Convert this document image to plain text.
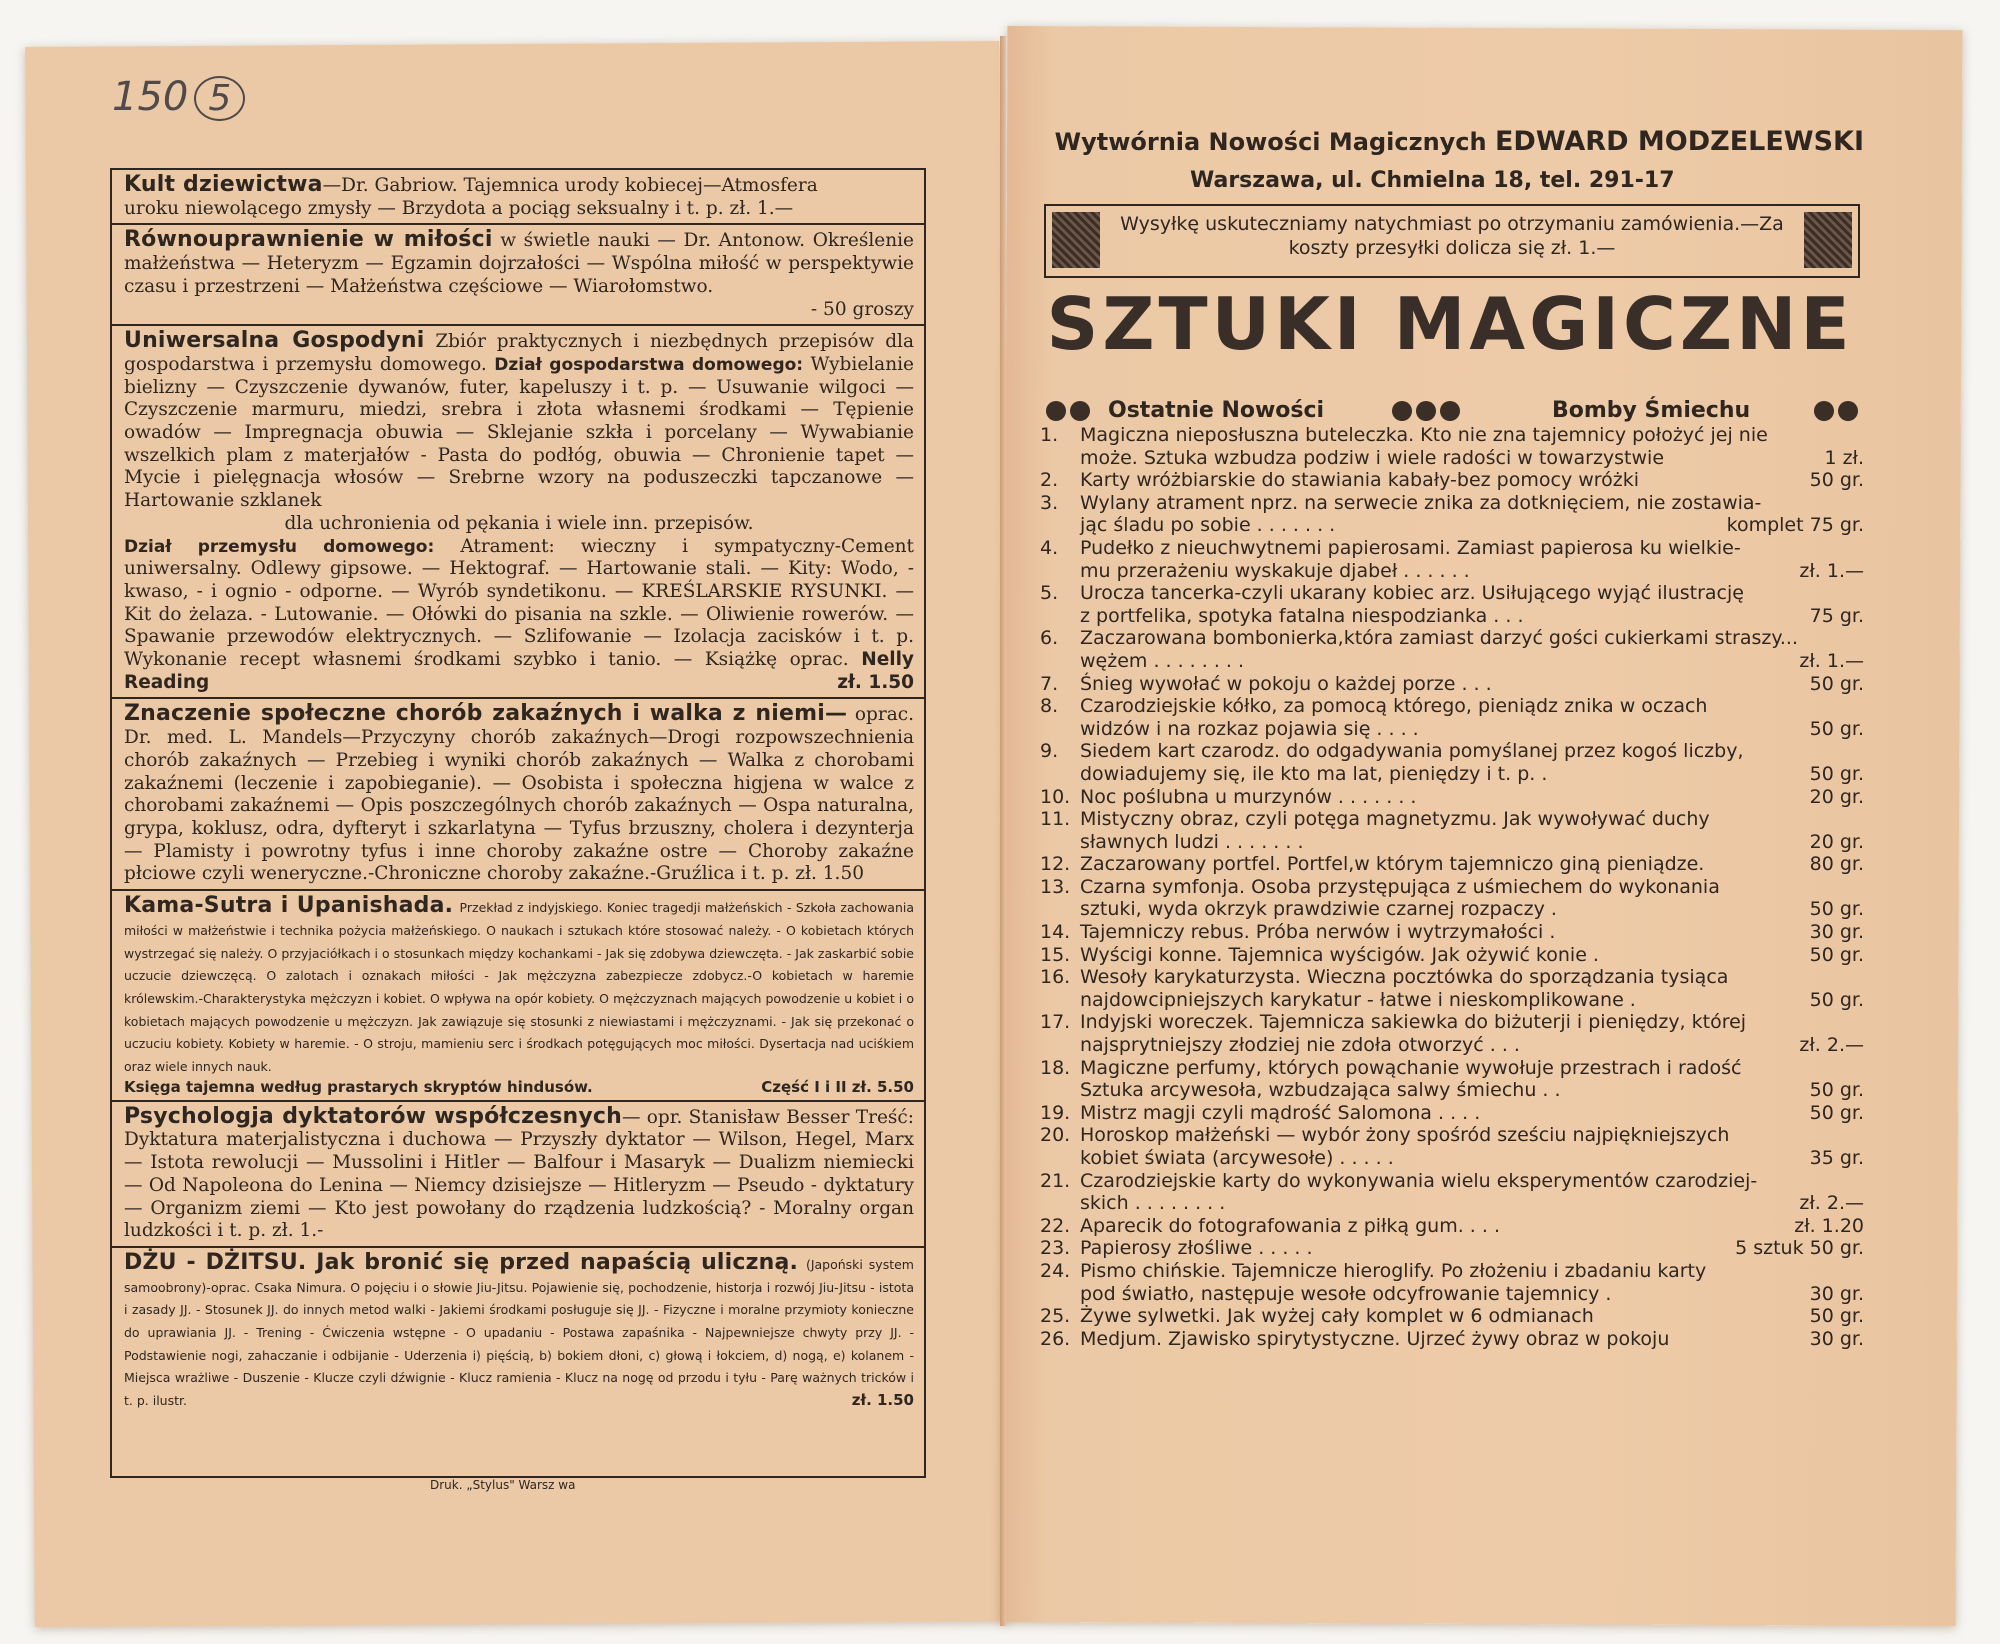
150 5
Kult dziewictwa—Dr. Gabriow. Tajemnica urody kobiecej—Atmosfera
uroku niewolącego zmysły — Brzydota a pociąg seksualny i t. p. zł. 1.—
Równouprawnienie w miłości w świetle nauki — Dr. Antonow. Określenie małżeństwa — Heteryzm — Egzamin dojrzałości — Wspólna miłość w perspektywie czasu i przestrzeni — Małżeństwa częściowe — Wiarołomstwo.
- 50 groszy
Uniwersalna Gospodyni Zbiór praktycznych i niezbędnych przepisów dla gospodarstwa i przemysłu domowego. Dział gospodarstwa domowego: Wybielanie bielizny — Czyszczenie dywanów, futer, kapeluszy i t. p. — Usuwanie wilgoci — Czyszczenie marmuru, miedzi, srebra i złota własnemi środkami — Tępienie owadów — Impregnacja obuwia — Sklejanie szkła i porcelany — Wywabianie wszelkich plam z materjałów - Pasta do podłóg, obuwia — Chronienie tapet — Mycie i pielęgnacja włosów — Srebrne wzory na poduszeczki tapczanowe — Hartowanie szklanek
dla uchronienia od pękania i wiele inn. przepisów.
Dział przemysłu domowego: Atrament: wieczny i sympatyczny-Cement uniwersalny. Odlewy gipsowe. — Hektograf. — Hartowanie stali. — Kity: Wodo, - kwaso, - i ognio - odporne. — Wyrób syndetikonu. — KREŚLARSKIE RYSUNKI. — Kit do żelaza. - Lutowanie. — Ołówki do pisania na szkle. — Oliwienie rowerów. — Spawanie przewodów elektrycznych. — Szlifowanie — Izolacja zacisków i t. p. Wykonanie recept własnemi środkami szybko i tanio. — Książkę oprac. Nelly Reading	zł. 1.50
Znaczenie społeczne chorób zakaźnych i walka z niemi— oprac. Dr. med. L. Mandels—Przyczyny chorób zakaźnych—Drogi rozpowszechnienia chorób zakaźnych — Przebieg i wyniki chorób zakaźnych — Walka z chorobami zakaźnemi (leczenie i zapobieganie). — Osobista i społeczna higjena w walce z chorobami zakaźnemi — Opis poszczególnych chorób zakaźnych — Ospa naturalna, grypa, koklusz, odra, dyfteryt i szkarlatyna — Tyfus brzuszny, cholera i dezynterja — Plamisty i powrotny tyfus i inne choroby zakaźne ostre — Choroby zakaźne płciowe czyli weneryczne.-Chroniczne choroby zakaźne.-Gruźlica i t. p. zł. 1.50
Kama-Sutra i Upanishada. Przekład z indyjskiego. Koniec tragedji małżeńskich - Szkoła zachowania miłości w małżeństwie i technika pożycia małżeńskiego. O naukach i sztukach które stosować należy. - O kobietach których wystrzegać się należy. O przyjaciółkach i o stosunkach między kochankami - Jak się zdobywa dziewczęta. - Jak zaskarbić sobie uczucie dziewczęcą. O zalotach i oznakach miłości - Jak mężczyzna zabezpiecze zdobycz.-O kobietach w haremie królewskim.-Charakterystyka mężczyzn i kobiet. O wpływa na opór kobiety. O mężczyznach mających powodzenie u kobiet i o kobietach mających powodzenie u mężczyzn. Jak zawiązuje się stosunki z niewiastami i mężczyznami. - Jak się przekonać o uczuciu kobiety. Kobiety w haremie. - O stroju, mamieniu serc i środkach potęgujących moc miłości. Dysertacja nad uciśkiem oraz wiele innych nauk.
Księga tajemna według prastarych skryptów hindusów.	Część I i II zł. 5.50
Psychologja dyktatorów współczesnych— opr. Stanisław Besser Treść: Dyktatura materjalistyczna i duchowa — Przyszły dyktator — Wilson, Hegel, Marx — Istota rewolucji — Mussolini i Hitler — Balfour i Masaryk — Dualizm niemiecki — Od Napoleona do Lenina — Niemcy dzisiejsze — Hitleryzm — Pseudo - dyktatury — Organizm ziemi — Kto jest powołany do rządzenia ludzkością? - Moralny organ ludzkości i t. p. zł. 1.-
DŻU - DŻITSU. Jak bronić się przed napaścią uliczną. (Japoński system samoobrony)-oprac. Csaka Nimura. O pojęciu i o słowie Jiu-Jitsu. Pojawienie się, pochodzenie, historja i rozwój Jiu-Jitsu - istota i zasady JJ. - Stosunek JJ. do innych metod walki - Jakiemi środkami posługuje się JJ. - Fizyczne i moralne przymioty konieczne do uprawiania JJ. - Trening - Ćwiczenia wstępne - O upadaniu - Postawa zapaśnika - Najpewniejsze chwyty przy JJ. - Podstawienie nogi, zahaczanie i odbijanie - Uderzenia i) pięścią, b) bokiem dłoni, c) głową i łokciem, d) nogą, e) kolanem - Miejsca wrażliwe - Duszenie - Klucze czyli dźwignie - Klucz ramienia - Klucz na nogę od przodu i tyłu - Parę ważnych tricków i t. p. ilustr.	zł. 1.50
Druk. „Stylus" Warsz wa
Wytwórnia Nowości Magicznych EDWARD MODZELEWSKI
Warszawa, ul. Chmielna 18, tel. 291-17
Wysyłkę uskuteczniamy natychmiast po otrzymaniu zamówienia.—Za koszty przesyłki dolicza się zł. 1.—
SZTUKI MAGICZNE
Ostatnie Nowości	Bomby Śmiechu
1. Magiczna nieposłuszna buteleczka. Kto nie zna tajemnicy położyć jej nie
może. Sztuka wzbudza podziw i wiele radości w towarzystwie	1 zł.
2. Karty wróżbiarskie do stawiania kabały-bez pomocy wróżki	50 gr.

3. Wylany atrament nprz. na serwecie znika za dotknięciem, nie zostawia-
jąc śladu po sobie . . . . . . .	komplet 75 gr.
4. Pudełko z nieuchwytnemi papierosami. Zamiast papierosa ku wielkie-
mu przerażeniu wyskakuje djabeł . . . . . .	zł. 1.—
5. Urocza tancerka-czyli ukarany kobiec arz. Usiłującego wyjąć ilustrację
z portfelika, spotyka fatalna niespodzianka . . .	75 gr.
6. Zaczarowana bombonierka,która zamiast darzyć gości cukierkami straszy...
wężem . . . . . . . .	zł. 1.—
7. Śnieg wywołać w pokoju o każdej porze . . .	50 gr.

8. Czarodziejskie kółko, za pomocą którego, pieniądz znika w oczach
widzów i na rozkaz pojawia się . . . .	50 gr.
9. Siedem kart czarodz. do odgadywania pomyślanej przez kogoś liczby,
dowiadujemy się, ile kto ma lat, pieniędzy i t. p. .	50 gr.
10. Noc poślubna u murzynów . . . . . . .	20 gr.

11. Mistyczny obraz, czyli potęga magnetyzmu. Jak wywoływać duchy
sławnych ludzi . . . . . . .	20 gr.
12. Zaczarowany portfel. Portfel,w którym tajemniczo giną pieniądze.	80 gr.

13. Czarna symfonja. Osoba przystępująca z uśmiechem do wykonania
sztuki, wyda okrzyk prawdziwie czarnej rozpaczy .	50 gr.
14. Tajemniczy rebus. Próba nerwów i wytrzymałości .	30 gr.

15. Wyścigi konne. Tajemnica wyścigów. Jak ożywić konie .	50 gr.

16. Wesoły karykaturzysta. Wieczna pocztówka do sporządzania tysiąca
najdowcipniejszych karykatur - łatwe i nieskomplikowane .	50 gr.
17. Indyjski woreczek. Tajemnicza sakiewka do biżuterji i pieniędzy, której
najsprytniejszy złodziej nie zdoła otworzyć . . .	zł. 2.—
18. Magiczne perfumy, których powąchanie wywołuje przestrach i radość
Sztuka arcywesoła, wzbudzająca salwy śmiechu . .	50 gr.
19. Mistrz magji czyli mądrość Salomona . . . .	50 gr.

20. Horoskop małżeński — wybór żony spośród sześciu najpiękniejszych
kobiet świata (arcywesołe) . . . . .	35 gr.
21. Czarodziejskie karty do wykonywania wielu eksperymentów czarodziej-
skich . . . . . . . .	zł. 2.—
22. Aparecik do fotografowania z piłką gum. . . .	zł. 1.20

23. Papierosy złośliwe . . . . .	5 sztuk 50 gr.

24. Pismo chińskie. Tajemnicze hieroglify. Po złożeniu i zbadaniu karty
pod światło, następuje wesołe odcyfrowanie tajemnicy .	30 gr.
25. Żywe sylwetki. Jak wyżej cały komplet w 6 odmianach	50 gr.

26. Medjum. Zjawisko spirytystyczne. Ujrzeć żywy obraz w pokoju	30 gr.
